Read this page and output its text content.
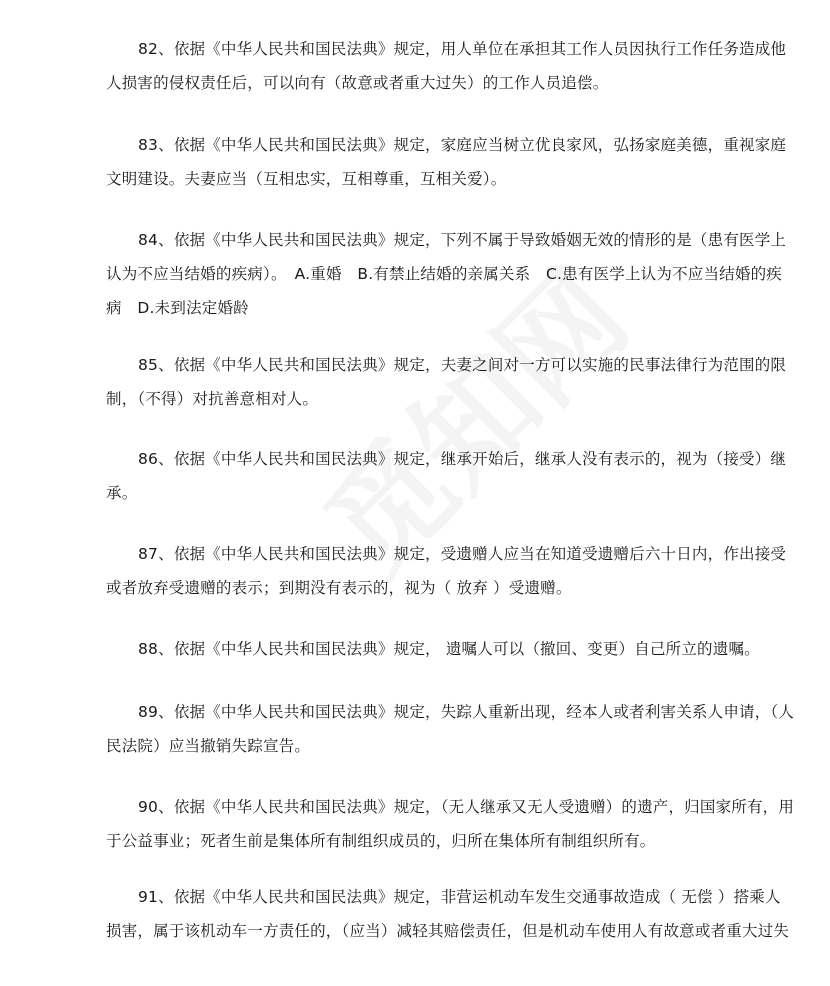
82、依据《中华人民共和国民法典》规定，用人单位在承担其工作人员因执行工作任务造成他人损害的侵权责任后，可以向有（故意或者重大过失）的工作人员追偿。

83、依据《中华人民共和国民法典》规定，家庭应当树立优良家风，弘扬家庭美德，重视家庭文明建设。夫妻应当（互相忠实，互相尊重，互相关爱）。

84、依据《中华人民共和国民法典》规定，下列不属于导致婚姻无效的情形的是（患有医学上认为不应当结婚的疾病）。　A.重婚　B.有禁止结婚的亲属关系　C.患有医学上认为不应当结婚的疾病　D.未到法定婚龄

85、依据《中华人民共和国民法典》规定，夫妻之间对一方可以实施的民事法律行为范围的限制，（不得）对抗善意相对人。

86、依据《中华人民共和国民法典》规定，继承开始后，继承人没有表示的，视为（接受）继承。

87、依据《中华人民共和国民法典》规定，受遗赠人应当在知道受遗赠后六十日内，作出接受或者放弃受遗赠的表示；到期没有表示的，视为（ 放弃 ）受遗赠。

88、依据《中华人民共和国民法典》规定， 遗嘱人可以（撤回、变更）自己所立的遗嘱。

89、依据《中华人民共和国民法典》规定，失踪人重新出现，经本人或者利害关系人申请，（人民法院）应当撤销失踪宣告。

90、依据《中华人民共和国民法典》规定，（无人继承又无人受遗赠）的遗产，归国家所有，用于公益事业；死者生前是集体所有制组织成员的，归所在集体所有制组织所有。

91、依据《中华人民共和国民法典》规定，非营运机动车发生交通事故造成（ 无偿 ）搭乘人损害，属于该机动车一方责任的，（应当）减轻其赔偿责任，但是机动车使用人有故意或者重大过失
